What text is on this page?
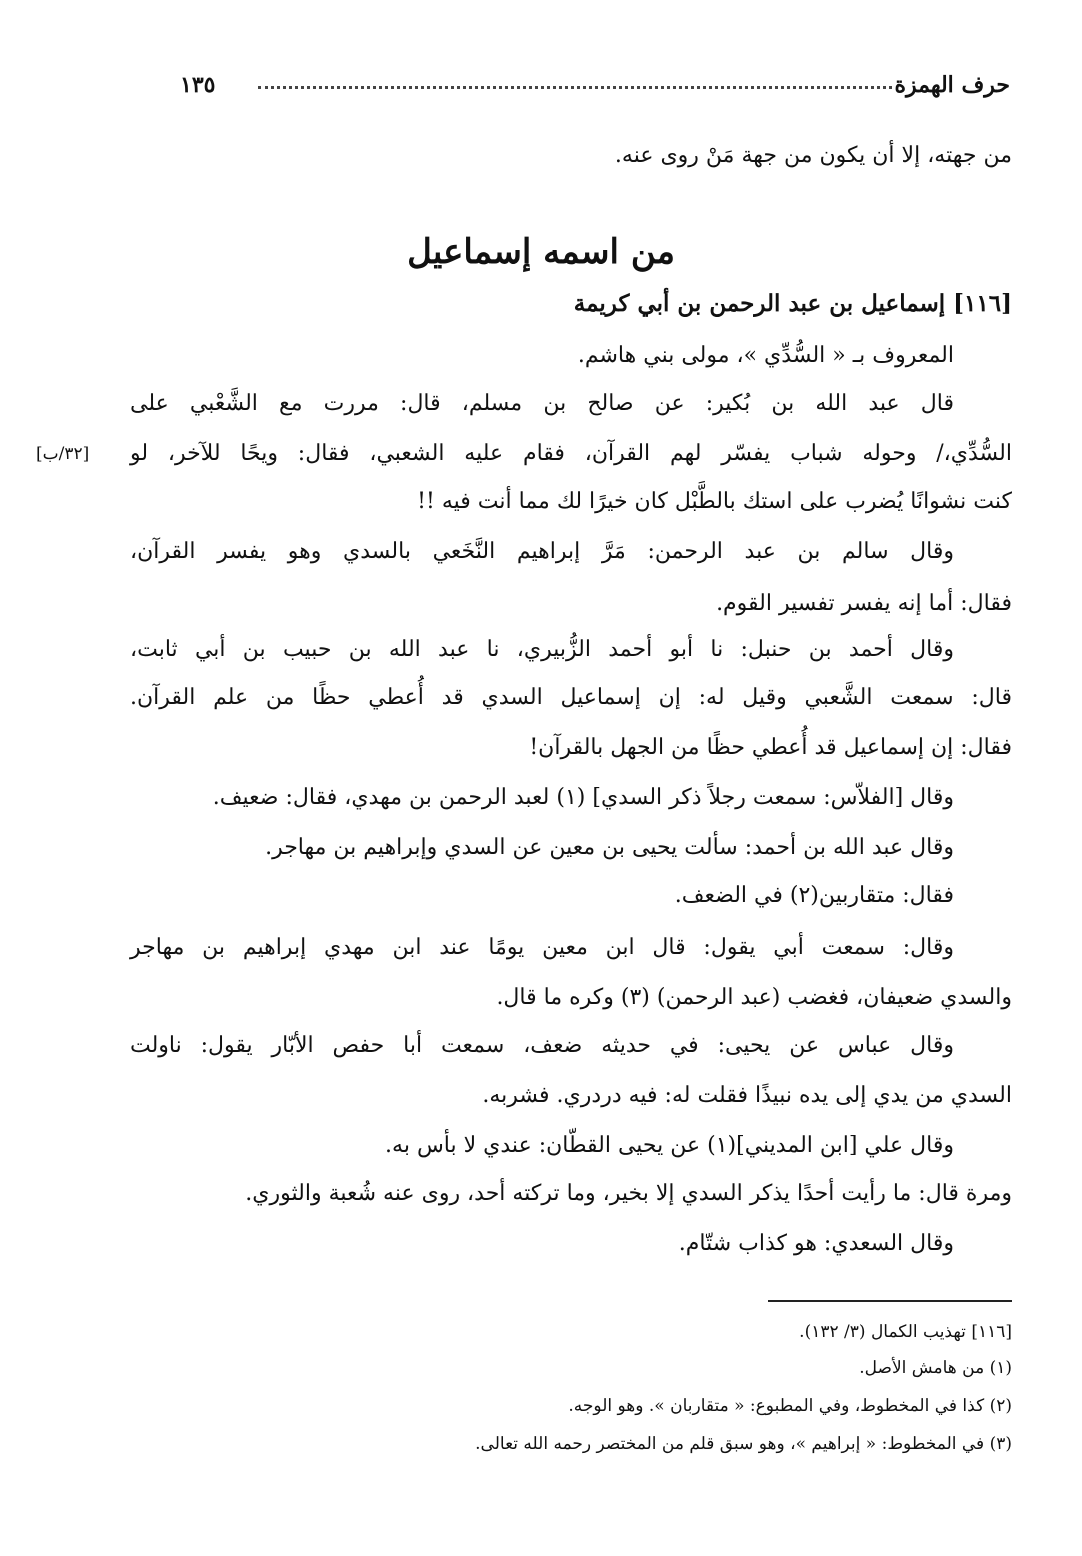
حرف الهمزة
١٣٥
من جهته، إلا أن يكون من جهة مَنْ روى عنه.
من اسمه إسماعيل
[١١٦] إسماعيل بن عبد الرحمن بن أبي كريمة
المعروف بـ « السُّدِّي »، مولى بني هاشم.
قال عبد الله بن بُكير: عن صالح بن مسلم، قال: مررت مع الشَّعْبي على
السُّدِّي،/ وحوله شباب يفسّر لهم القرآن، فقام عليه الشعبي، فقال: ويحًا للآخر، لو
[٣٢/ب]
كنت نشوانًا يُضرب على استك بالطَّبْل كان خيرًا لك مما أنت فيه !!
وقال سالم بن عبد الرحمن: مَرَّ إبراهيم النَّخَعي بالسدي وهو يفسر القرآن،
فقال: أما إنه يفسر تفسير القوم.
وقال أحمد بن حنبل: نا أبو أحمد الزُّبيري، نا عبد الله بن حبيب بن أبي ثابت،
قال: سمعت الشَّعبي وقيل له: إن إسماعيل السدي قد أُعطي حظًا من علم القرآن.
فقال: إن إسماعيل قد أُعطي حظًا من الجهل بالقرآن!
وقال [الفلاّس: سمعت رجلاً ذكر السدي] (١) لعبد الرحمن بن مهدي، فقال: ضعيف.
وقال عبد الله بن أحمد: سألت يحيى بن معين عن السدي وإبراهيم بن مهاجر.
فقال: متقاربين(٢) في الضعف.
وقال: سمعت أبي يقول: قال ابن معين يومًا عند ابن مهدي إبراهيم بن مهاجر
والسدي ضعيفان، فغضب (عبد الرحمن) (٣) وكره ما قال.
وقال عباس عن يحيى: في حديثه ضعف، سمعت أبا حفص الأبّار يقول: ناولت
السدي من يدي إلى يده نبيذًا فقلت له: فيه دردري. فشربه.
وقال علي [ابن المديني](١) عن يحيى القطّان: عندي لا بأس به.
ومرة قال: ما رأيت أحدًا يذكر السدي إلا بخير، وما تركته أحد، روى عنه شُعبة والثوري.
وقال السعدي: هو كذاب شتّام.
[١١٦] تهذيب الكمال (٣/ ١٣٢).
(١) من هامش الأصل.
(٢) كذا في المخطوط، وفي المطبوع: « متقاربان ». وهو الوجه.
(٣) في المخطوط: « إبراهيم »، وهو سبق قلم من المختصر رحمه الله تعالى.
